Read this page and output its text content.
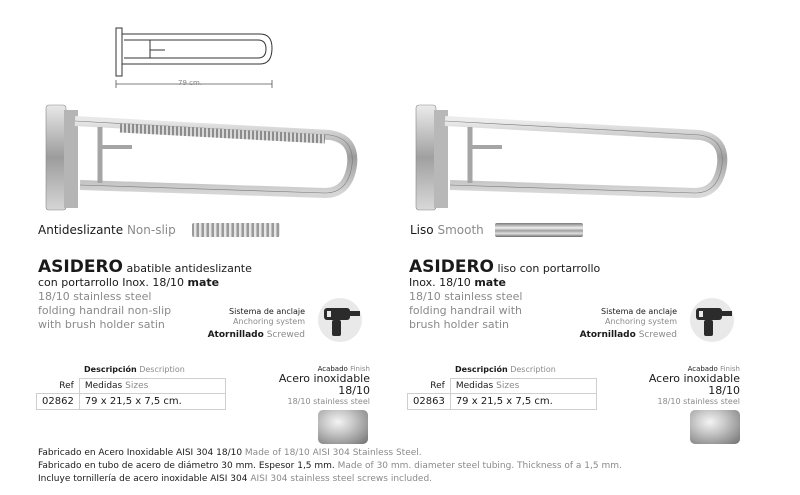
79 cm.
Antideslizante Non-slip	Liso Smooth
ASIDERO abatible antideslizante
con portarrollo Inox. 18/10 mate
18/10 stainless steel
folding handrail non-slip
with brush holder satin
Sistema de anclaje
Anchoring system
Atornillado Screwed
Descripción Description
Ref	Medidas Sizes
02862	79 x 21,5 x 7,5 cm.
Acabado Finish
Acero inoxidable
18/10
18/10 stainless steel
ASIDERO liso con portarrollo
Inox. 18/10 mate
18/10 stainless steel
folding handrail with
brush holder satin
Sistema de anclaje
Anchoring system
Atornillado Screwed
Descripción Description
Ref	Medidas Sizes
02863	79 x 21,5 x 7,5 cm.
Acabado Finish
Acero inoxidable
18/10
18/10 stainless steel
Fabricado en Acero Inoxidable AISI 304 18/10 Made of 18/10 AISI 304 Stainless Steel.
Fabricado en tubo de acero de diámetro 30 mm. Espesor 1,5 mm. Made of 30 mm. diameter steel tubing. Thickness of a 1,5 mm.
Incluye tornillería de acero inoxidable AISI 304 AISI 304 stainless steel screws included.
